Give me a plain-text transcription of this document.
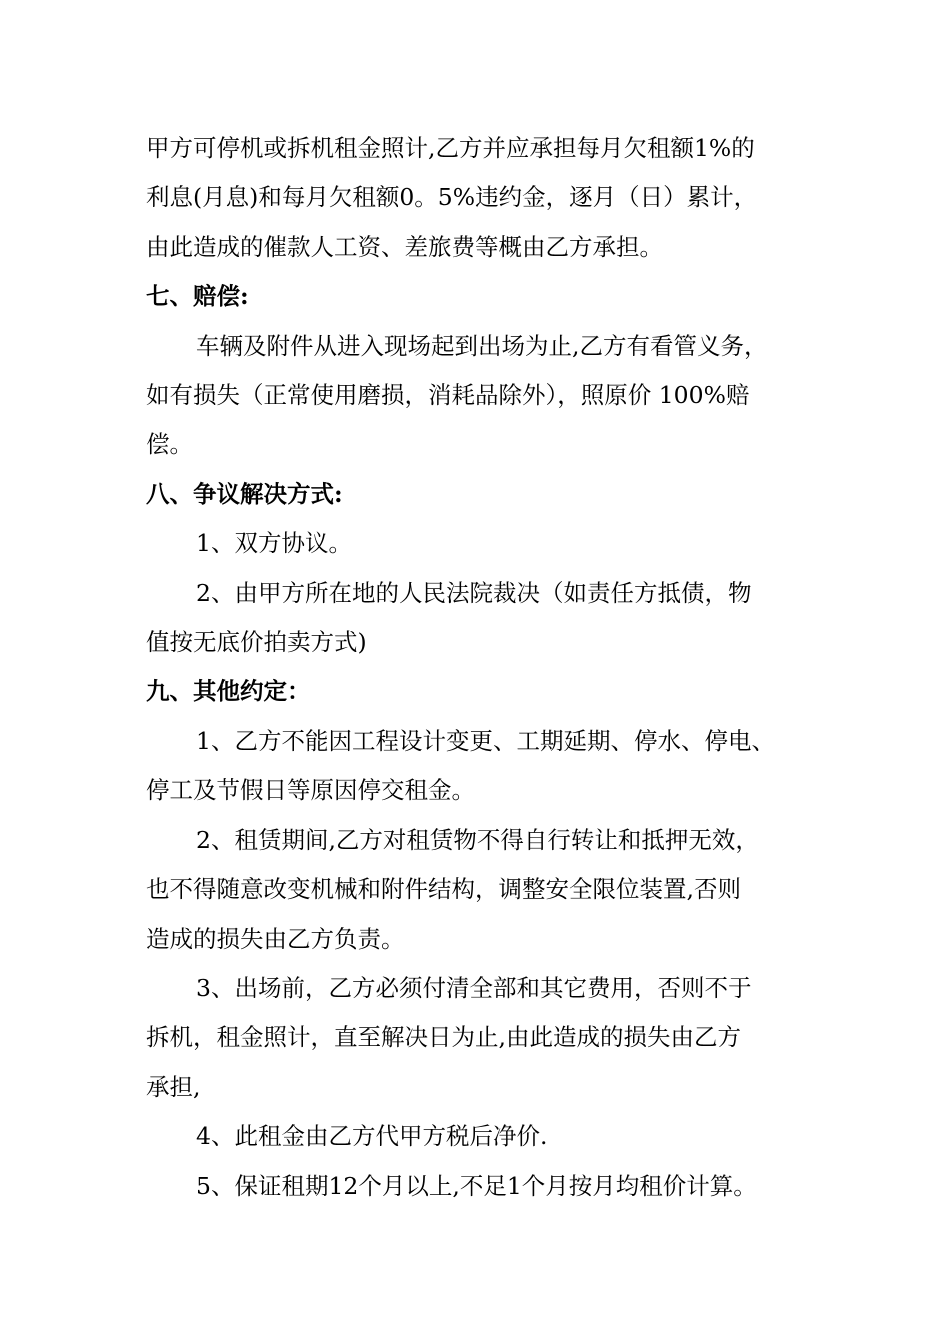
甲方可停机或拆机租金照计,乙方并应承担每月欠租额1%的

利息(月息)和每月欠租额0。5%违约金，逐月（日）累计，

由此造成的催款人工资、差旅费等概由乙方承担。

七、赔偿:

车辆及附件从进入现场起到出场为止,乙方有看管义务，

如有损失（正常使用磨损，消耗品除外），照原价 100%赔

偿。

八、争议解决方式:

1、双方协议。

2、由甲方所在地的人民法院裁决（如责任方抵债，物

值按无底价拍卖方式)

九、其他约定：

1、乙方不能因工程设计变更、工期延期、停水、停电、

停工及节假日等原因停交租金。

2、租赁期间,乙方对租赁物不得自行转让和抵押无效，

也不得随意改变机械和附件结构，调整安全限位装置,否则

造成的损失由乙方负责。

3、出场前，乙方必须付清全部和其它费用，否则不于

拆机，租金照计，直至解决日为止,由此造成的损失由乙方

承担,

4、此租金由乙方代甲方税后净价.

5、保证租期12个月以上,不足1个月按月均租价计算。
